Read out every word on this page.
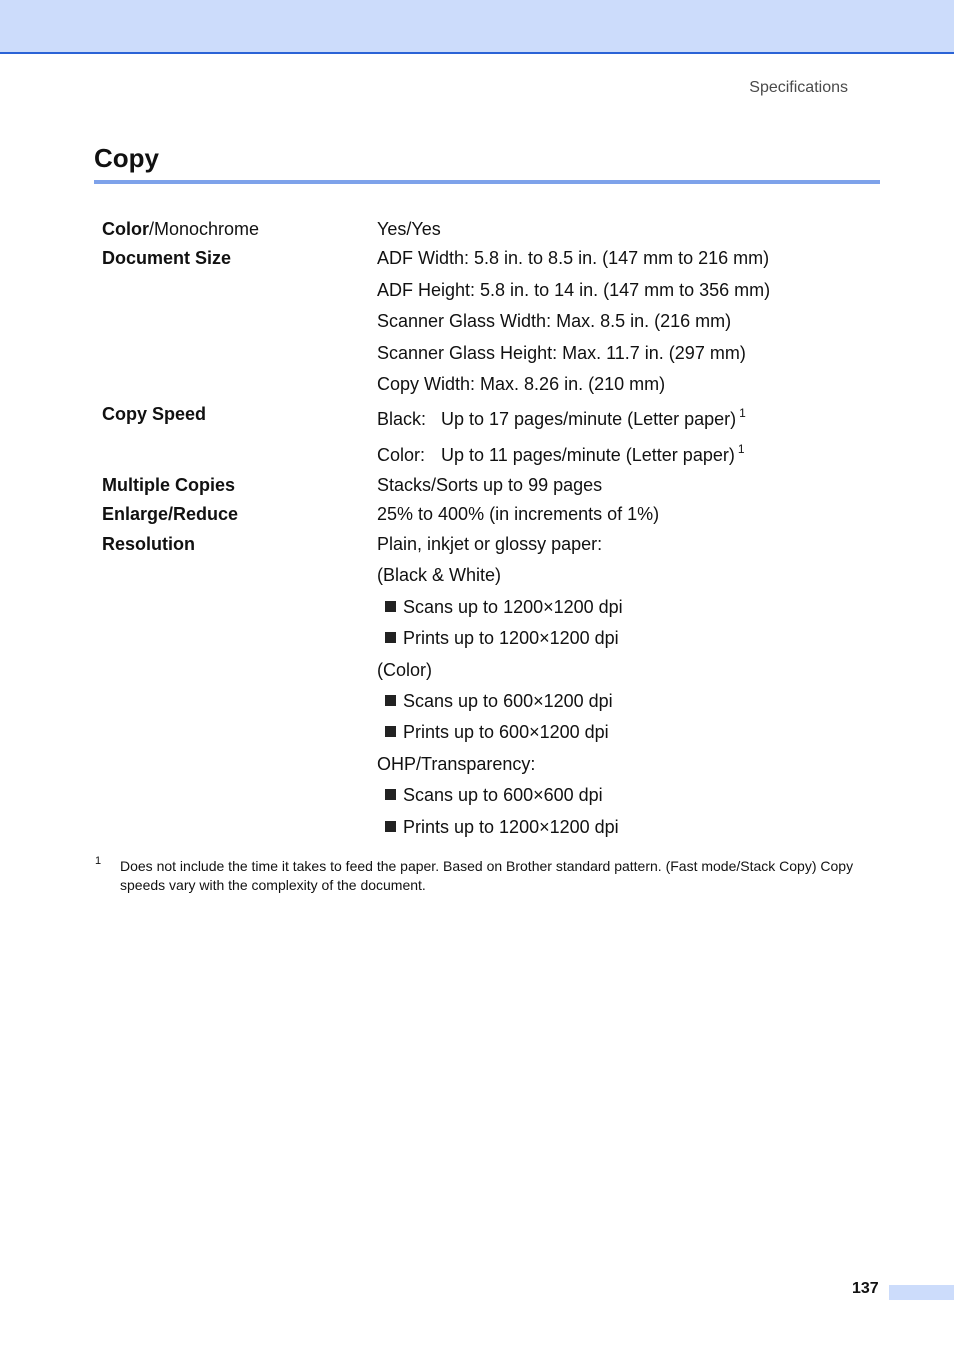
Specifications
Copy
Color/Monochrome	Yes/Yes
Document Size	ADF Width: 5.8 in. to 8.5 in. (147 mm to 216 mm)
ADF Height: 5.8 in. to 14 in. (147 mm to 356 mm)
Scanner Glass Width: Max. 8.5 in. (216 mm)
Scanner Glass Height: Max. 11.7 in. (297 mm)
Copy Width: Max. 8.26 in. (210 mm)
Copy Speed	Black: Up to 17 pages/minute (Letter paper) $^1$
Color: Up to 11 pages/minute (Letter paper) $^1$
Multiple Copies	Stacks/Sorts up to 99 pages
Enlarge/Reduce	25% to 400% (in increments of 1%)
Resolution	Plain, inkjet or glossy paper:
(Black & White)
Scans up to 1200×1200 dpi
Prints up to 1200×1200 dpi
(Color)
Scans up to 600×1200 dpi
Prints up to 600×1200 dpi
OHP/Transparency:
Scans up to 600×600 dpi
Prints up to 1200×1200 dpi
1 Does not include the time it takes to feed the paper. Based on Brother standard pattern. (Fast mode/Stack Copy) Copy speeds vary with the complexity of the document.
137
